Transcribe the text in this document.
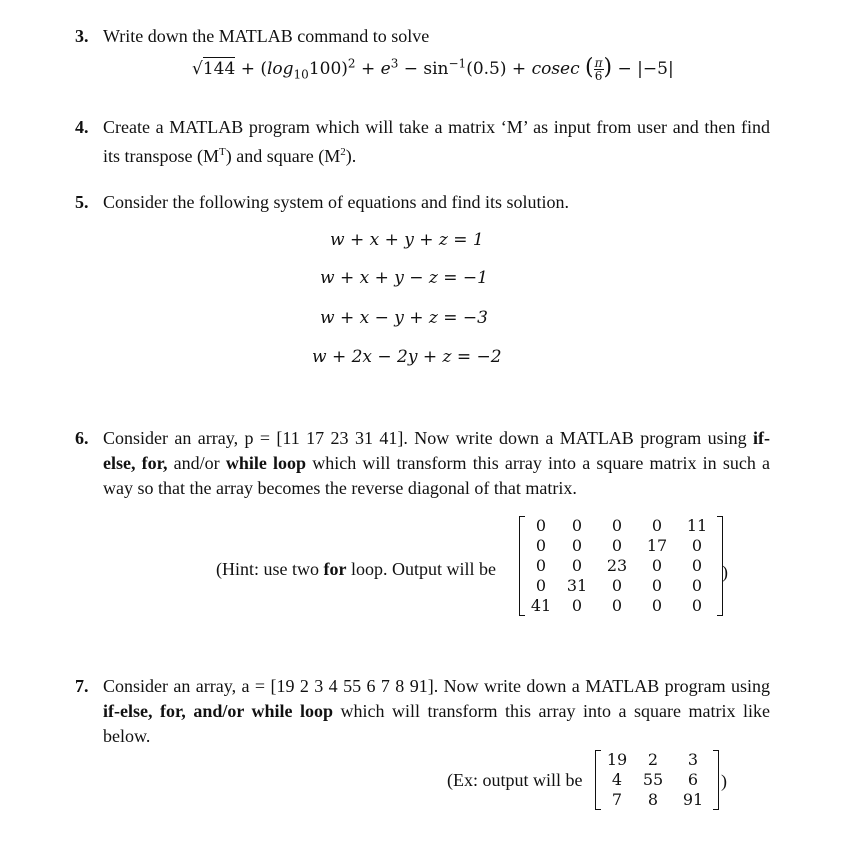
3. Write down the MATLAB command to solve
$√144 + (\log_{10}100)^2 + e^3 - \sin^{-1}(0.5) + cosec$ ( $\frac{\pi}{6}$ ) − |−5|
4. Create a MATLAB program which will take a matrix ‘M’ as input from user and then find its transpose $(M^T)$ and square $(M^2)$.
5. Consider the following system of equations and find its solution.
w + x + y + z = 1
w + x + y − z = −1
w + x − y + z = −3
w + 2x − 2y + z = −2
6. Consider an array, p = [11 17 23 31 41]. Now write down a MATLAB program using if-else, for, and/or while loop which will transform this array into a square matrix in such a way so that the array becomes the reverse diagonal of that matrix.
(Hint: use two for loop. Output will be
0	0	0	0	11
0	0	0	17	0
0	0	23	0	0
0	31	0	0	0
41	0	0	0	0
)
7. Consider an array, a = [19 2 3 4 55 6 7 8 91]. Now write down a MATLAB program using if-else, for, and/or while loop which will transform this array into a square matrix like below.
(Ex: output will be
19	2	3
4	55	6
7	8	91
)
